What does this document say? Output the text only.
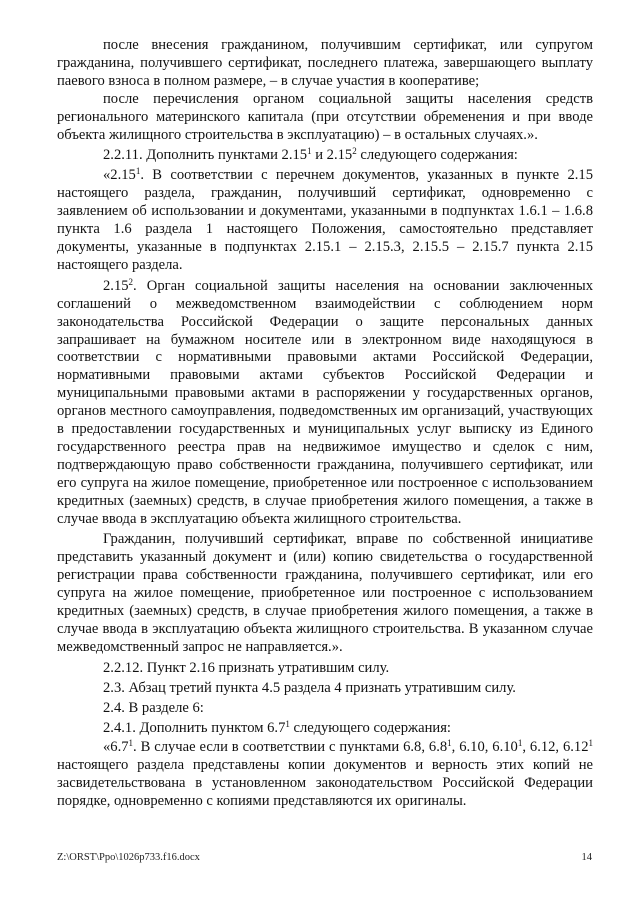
после внесения гражданином, получившим сертификат, или супругом гражданина, получившего сертификат, последнего платежа, завершающего выплату паевого взноса в полном размере, – в случае участия в кооперативе;

после перечисления органом социальной защиты населения средств регионального материнского капитала (при отсутствии обременения и при вводе объекта жилищного строительства в эксплуатацию) – в остальных случаях.».

2.2.11. Дополнить пунктами 2.15$^1$ и 2.15$^2$ следующего содержания:

«2.15$^1$. В соответствии с перечнем документов, указанных в пункте 2.15 настоящего раздела, гражданин, получивший сертификат, одновременно с заявлением об использовании и документами, указанными в подпунктах 1.6.1 – 1.6.8 пункта 1.6 раздела 1 настоящего Положения, самостоятельно представляет документы, указанные в подпунктах 2.15.1 – 2.15.3, 2.15.5 – 2.15.7 пункта 2.15 настоящего раздела.

2.15$^2$. Орган социальной защиты населения на основании заключенных соглашений о межведомственном взаимодействии с соблюдением норм законодательства Российской Федерации о защите персональных данных запрашивает на бумажном носителе или в электронном виде находящуюся в соответствии с нормативными правовыми актами Российской Федерации, нормативными правовыми актами субъектов Российской Федерации и муниципальными правовыми актами в распоряжении у государственных органов, органов местного самоуправления, подведомственных им организаций, участвующих в предоставлении государственных и муниципальных услуг выписку из Единого государственного реестра прав на недвижимое имущество и сделок с ним, подтверждающую право собственности гражданина, получившего сертификат, или его супруга на жилое помещение, приобретенное или построенное с использованием кредитных (заемных) средств, в случае приобретения жилого помещения, а также в случае ввода в эксплуатацию объекта жилищного строительства.

Гражданин, получивший сертификат, вправе по собственной инициативе представить указанный документ и (или) копию свидетельства о государственной регистрации права собственности гражданина, получившего сертификат, или его супруга на жилое помещение, приобретенное или построенное с использованием кредитных (заемных) средств, в случае приобретения жилого помещения, а также в случае ввода в эксплуатацию объекта жилищного строительства. В указанном случае межведомственный запрос не направляется.».

2.2.12. Пункт 2.16 признать утратившим силу.

2.3. Абзац третий пункта 4.5 раздела 4 признать утратившим силу.

2.4. В разделе 6:

2.4.1. Дополнить пунктом $6.7^1$ следующего содержания:

«$6.7^1$. В случае если в соответствии с пунктами 6.8, $6.8^1$, 6.10, 6.10$^1$, 6.12, 6.12$^1$ настоящего раздела представлены копии документов и верность этих копий не засвидетельствована в установленном законодательством Российской Федерации порядке, одновременно с копиями представляются их оригиналы.

Z:\ORST\Ppo\1026p733.f16.docx	14
